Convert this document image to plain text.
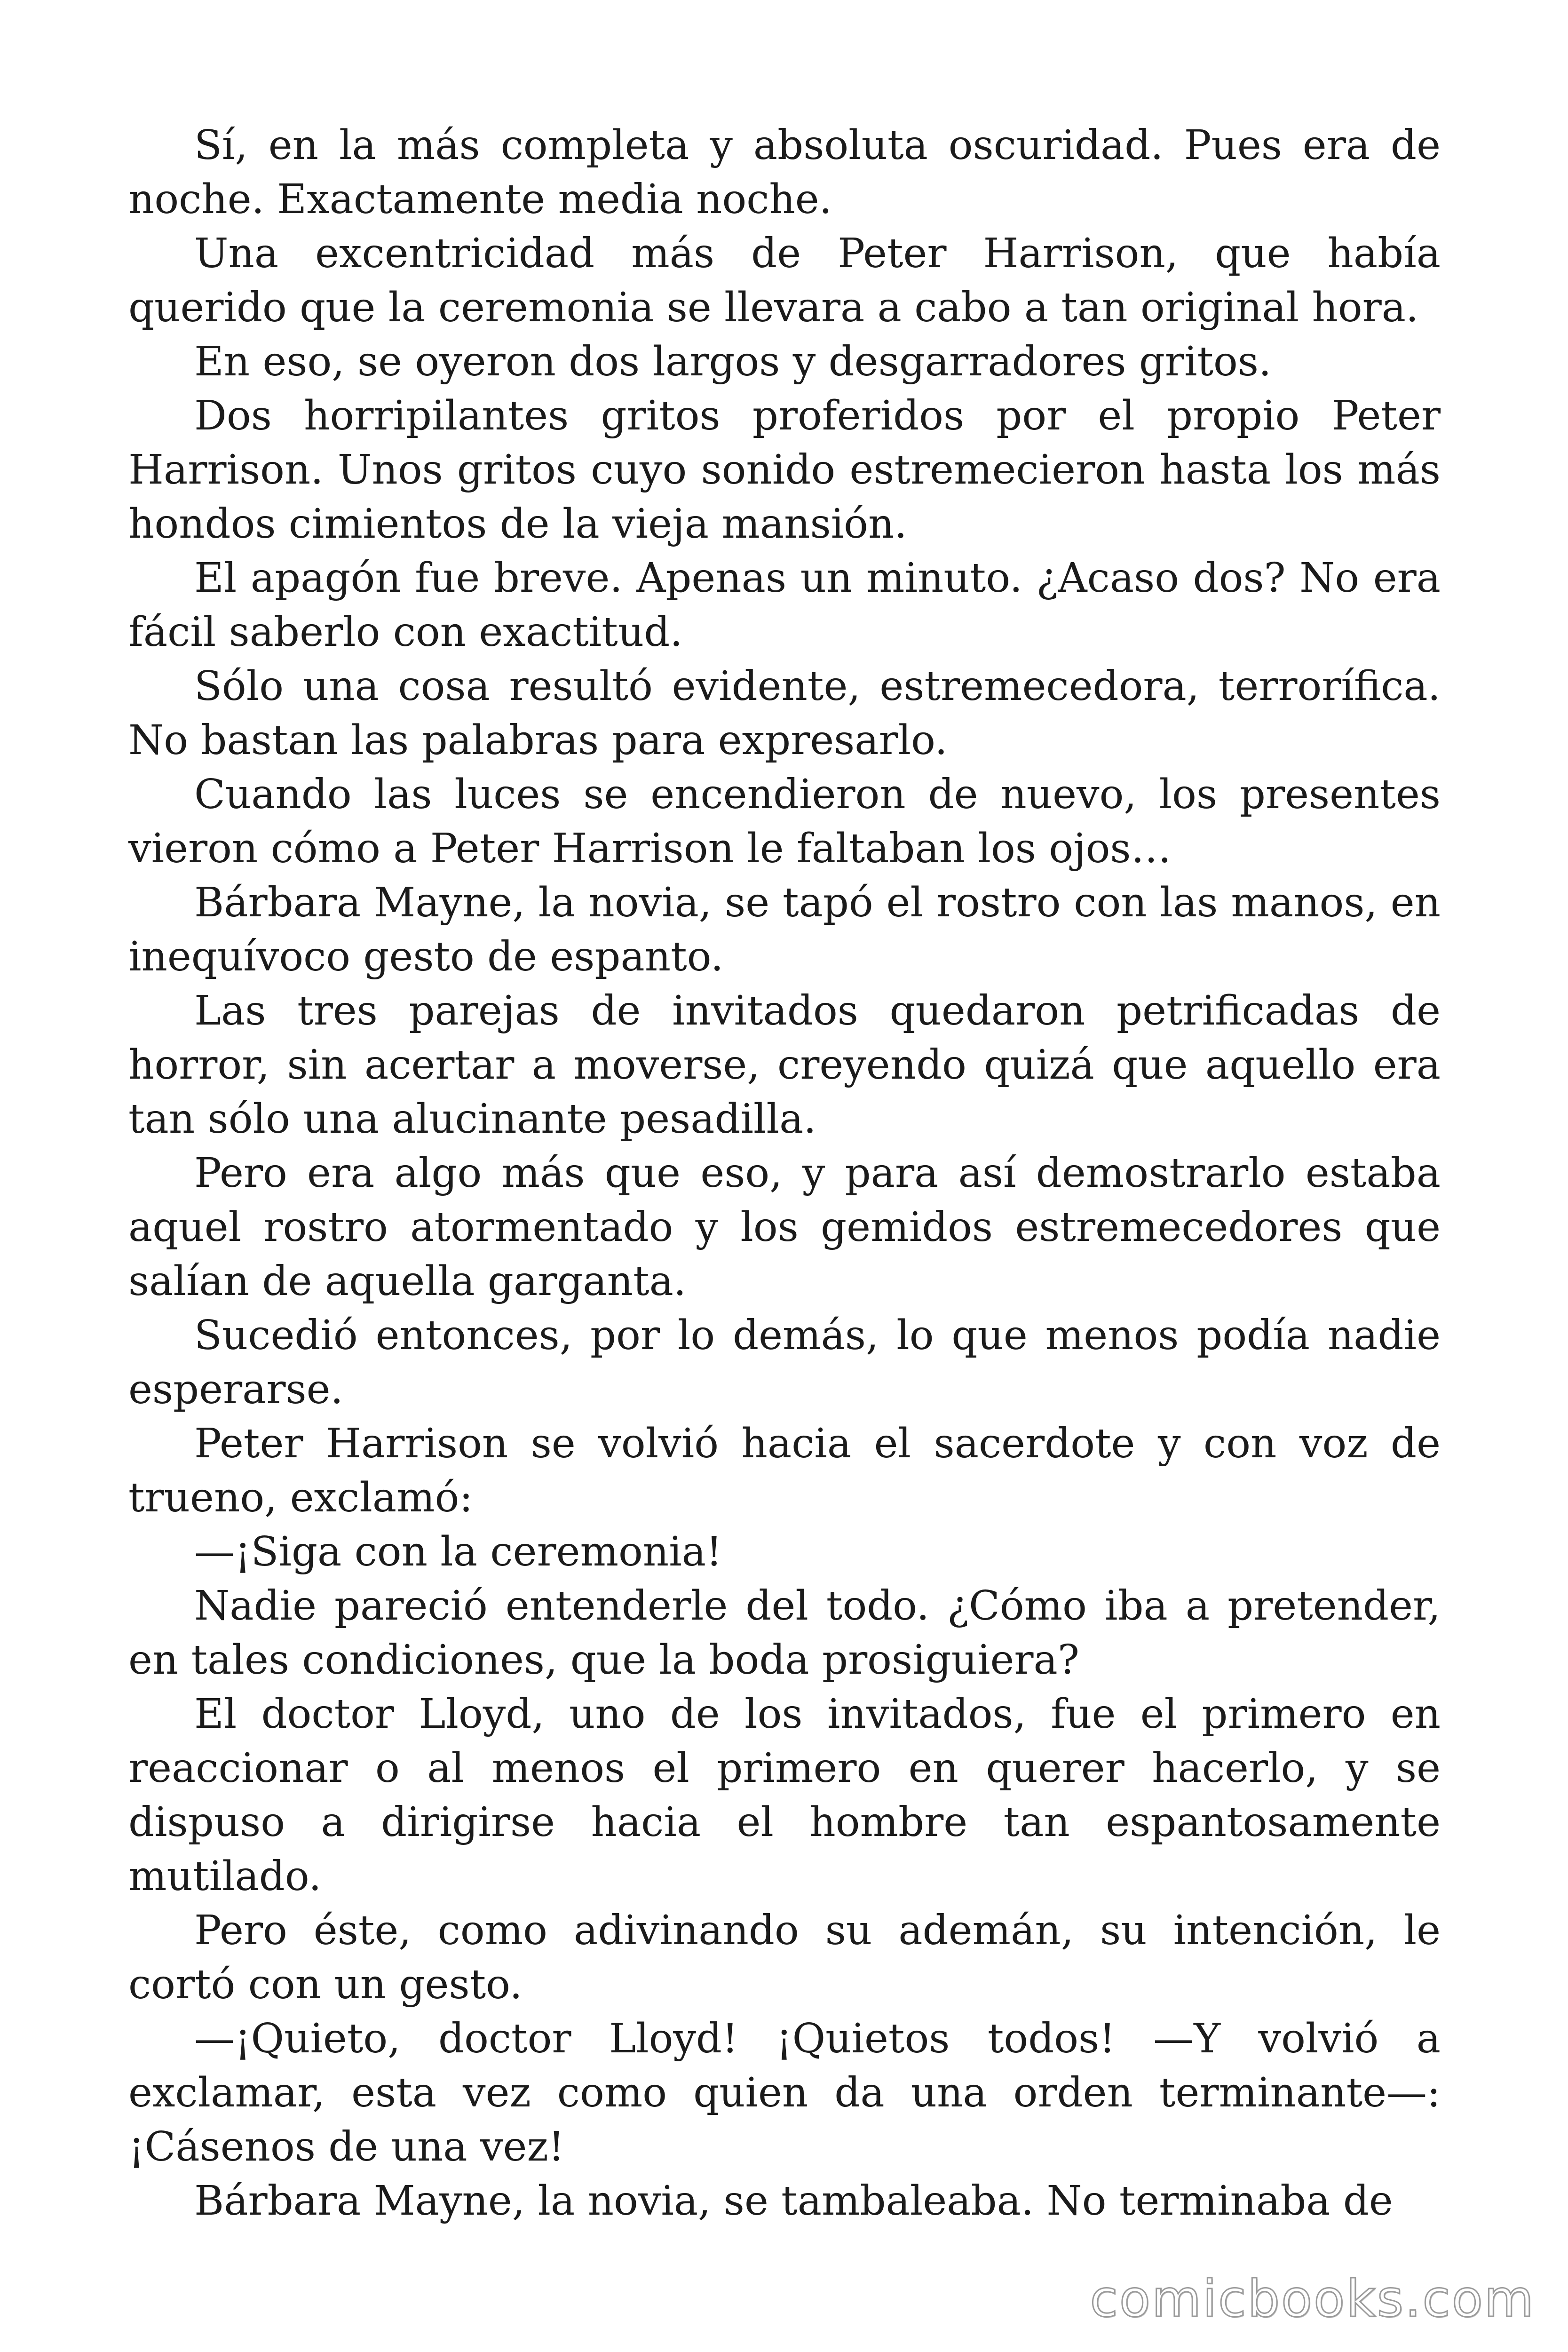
Sí, en la más completa y absoluta oscuridad. Pues era de noche. Exactamente media noche.

Una excentricidad más de Peter Harrison, que había querido que la ceremonia se llevara a cabo a tan original hora.

En eso, se oyeron dos largos y desgarradores gritos.

Dos horripilantes gritos proferidos por el propio Peter Harrison. Unos gritos cuyo sonido estremecieron hasta los más hondos cimientos de la vieja mansión.

El apagón fue breve. Apenas un minuto. ¿Acaso dos? No era fácil saberlo con exactitud.

Sólo una cosa resultó evidente, estremecedora, terrorífica. No bastan las palabras para expresarlo.

Cuando las luces se encendieron de nuevo, los presentes vieron cómo a Peter Harrison le faltaban los ojos…

Bárbara Mayne, la novia, se tapó el rostro con las manos, en inequívoco gesto de espanto.

Las tres parejas de invitados quedaron petrificadas de horror, sin acertar a moverse, creyendo quizá que aquello era tan sólo una alucinante pesadilla.

Pero era algo más que eso, y para así demostrarlo estaba aquel rostro atormentado y los gemidos estremecedores que salían de aquella garganta.

Sucedió entonces, por lo demás, lo que menos podía nadie esperarse.

Peter Harrison se volvió hacia el sacerdote y con voz de trueno, exclamó:

—¡Siga con la ceremonia!

Nadie pareció entenderle del todo. ¿Cómo iba a pretender, en tales condiciones, que la boda prosiguiera?

El doctor Lloyd, uno de los invitados, fue el primero en reaccionar o al menos el primero en querer hacerlo, y se dispuso a dirigirse hacia el hombre tan espantosamente mutilado.

Pero éste, como adivinando su ademán, su intención, le cortó con un gesto.

—¡Quieto, doctor Lloyd! ¡Quietos todos! —Y volvió a exclamar, esta vez como quien da una orden terminante—: ¡Cásenos de una vez!

Bárbara Mayne, la novia, se tambaleaba. No terminaba de

comicbooks.com
